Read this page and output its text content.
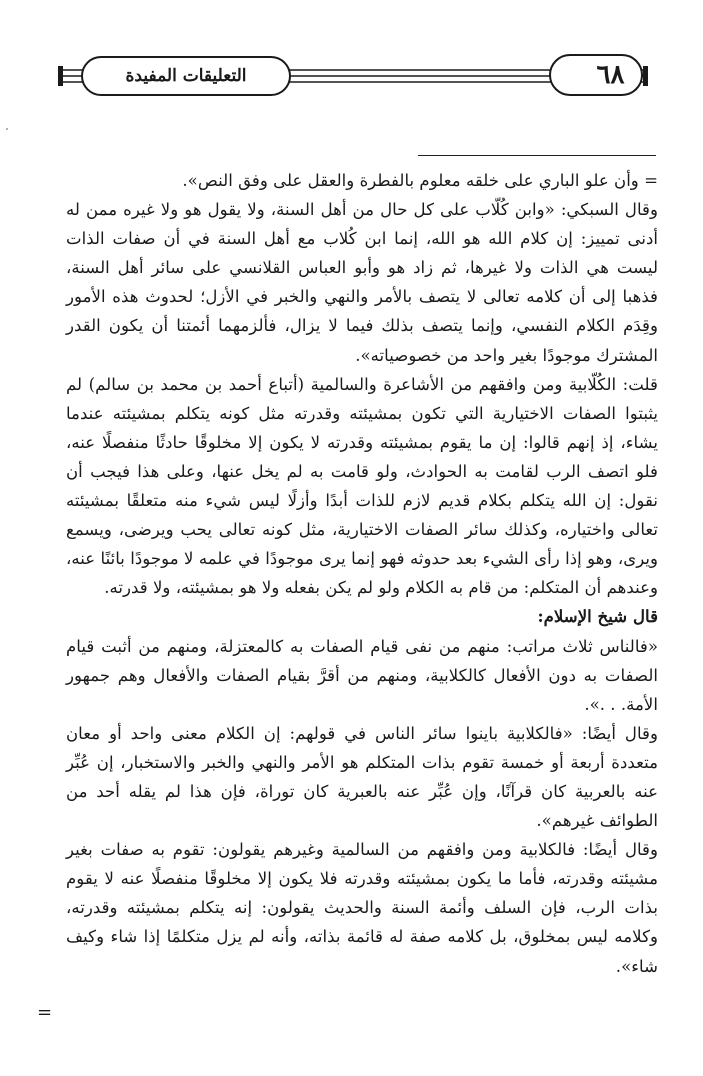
التعليقات المفيدة	٦٨

= وأن علو الباري على خلقه معلوم بالفطرة والعقل على وفق النص».

وقال السبكي: «وابن كُلّاب على كل حال من أهل السنة، ولا يقول هو ولا غيره ممن له أدنى تمييز: إن كلام الله هو الله، إنما ابن كُلاب مع أهل السنة في أن صفات الذات ليست هي الذات ولا غيرها، ثم زاد هو وأبو العباس القلانسي على سائر أهل السنة، فذهبا إلى أن كلامه تعالى لا يتصف بالأمر والنهي والخبر في الأزل؛ لحدوث هذه الأمور وقِدَم الكلام النفسي، وإنما يتصف بذلك فيما لا يزال، فألزمهما أئمتنا أن يكون القدر المشترك موجودًا بغير واحد من خصوصياته».

قلت: الكُلّابية ومن وافقهم من الأشاعرة والسالمية (أتباع أحمد بن محمد بن سالم) لم يثبتوا الصفات الاختيارية التي تكون بمشيئته وقدرته مثل كونه يتكلم بمشيئته عندما يشاء، إذ إنهم قالوا: إن ما يقوم بمشيئته وقدرته لا يكون إلا مخلوقًا حادثًا منفصلًا عنه، فلو اتصف الرب لقامت به الحوادث، ولو قامت به لم يخل عنها، وعلى هذا فيجب أن نقول: إن الله يتكلم بكلام قديم لازم للذات أبدًا وأزلًا ليس شيء منه متعلقًا بمشيئته تعالى واختياره، وكذلك سائر الصفات الاختيارية، مثل كونه تعالى يحب ويرضى، ويسمع ويرى، وهو إذا رأى الشيء بعد حدوثه فهو إنما يرى موجودًا في علمه لا موجودًا بائنًا عنه، وعندهم أن المتكلم: من قام به الكلام ولو لم يكن بفعله ولا هو بمشيئته، ولا قدرته.

قال شيخ الإسلام:

«فالناس ثلاث مراتب: منهم من نفى قيام الصفات به كالمعتزلة، ومنهم من أثبت قيام الصفات به دون الأفعال كالكلابية، ومنهم من أقرَّ بقيام الصفات والأفعال وهم جمهور الأمة. . .».

وقال أيضًا: «فالكلابية باينوا سائر الناس في قولهم: إن الكلام معنى واحد أو معان متعددة أربعة أو خمسة تقوم بذات المتكلم هو الأمر والنهي والخبر والاستخبار، إن عُبِّر عنه بالعربية كان قرآنًا، وإن عُبِّر عنه بالعبرية كان توراة، فإن هذا لم يقله أحد من الطوائف غيرهم».

وقال أيضًا: فالكلابية ومن وافقهم من السالمية وغيرهم يقولون: تقوم به صفات بغير مشيئته وقدرته، فأما ما يكون بمشيئته وقدرته فلا يكون إلا مخلوقًا منفصلًا عنه لا يقوم بذات الرب، فإن السلف وأئمة السنة والحديث يقولون: إنه يتكلم بمشيئته وقدرته، وكلامه ليس بمخلوق، بل كلامه صفة له قائمة بذاته، وأنه لم يزل متكلمًا إذا شاء وكيف شاء».

=
